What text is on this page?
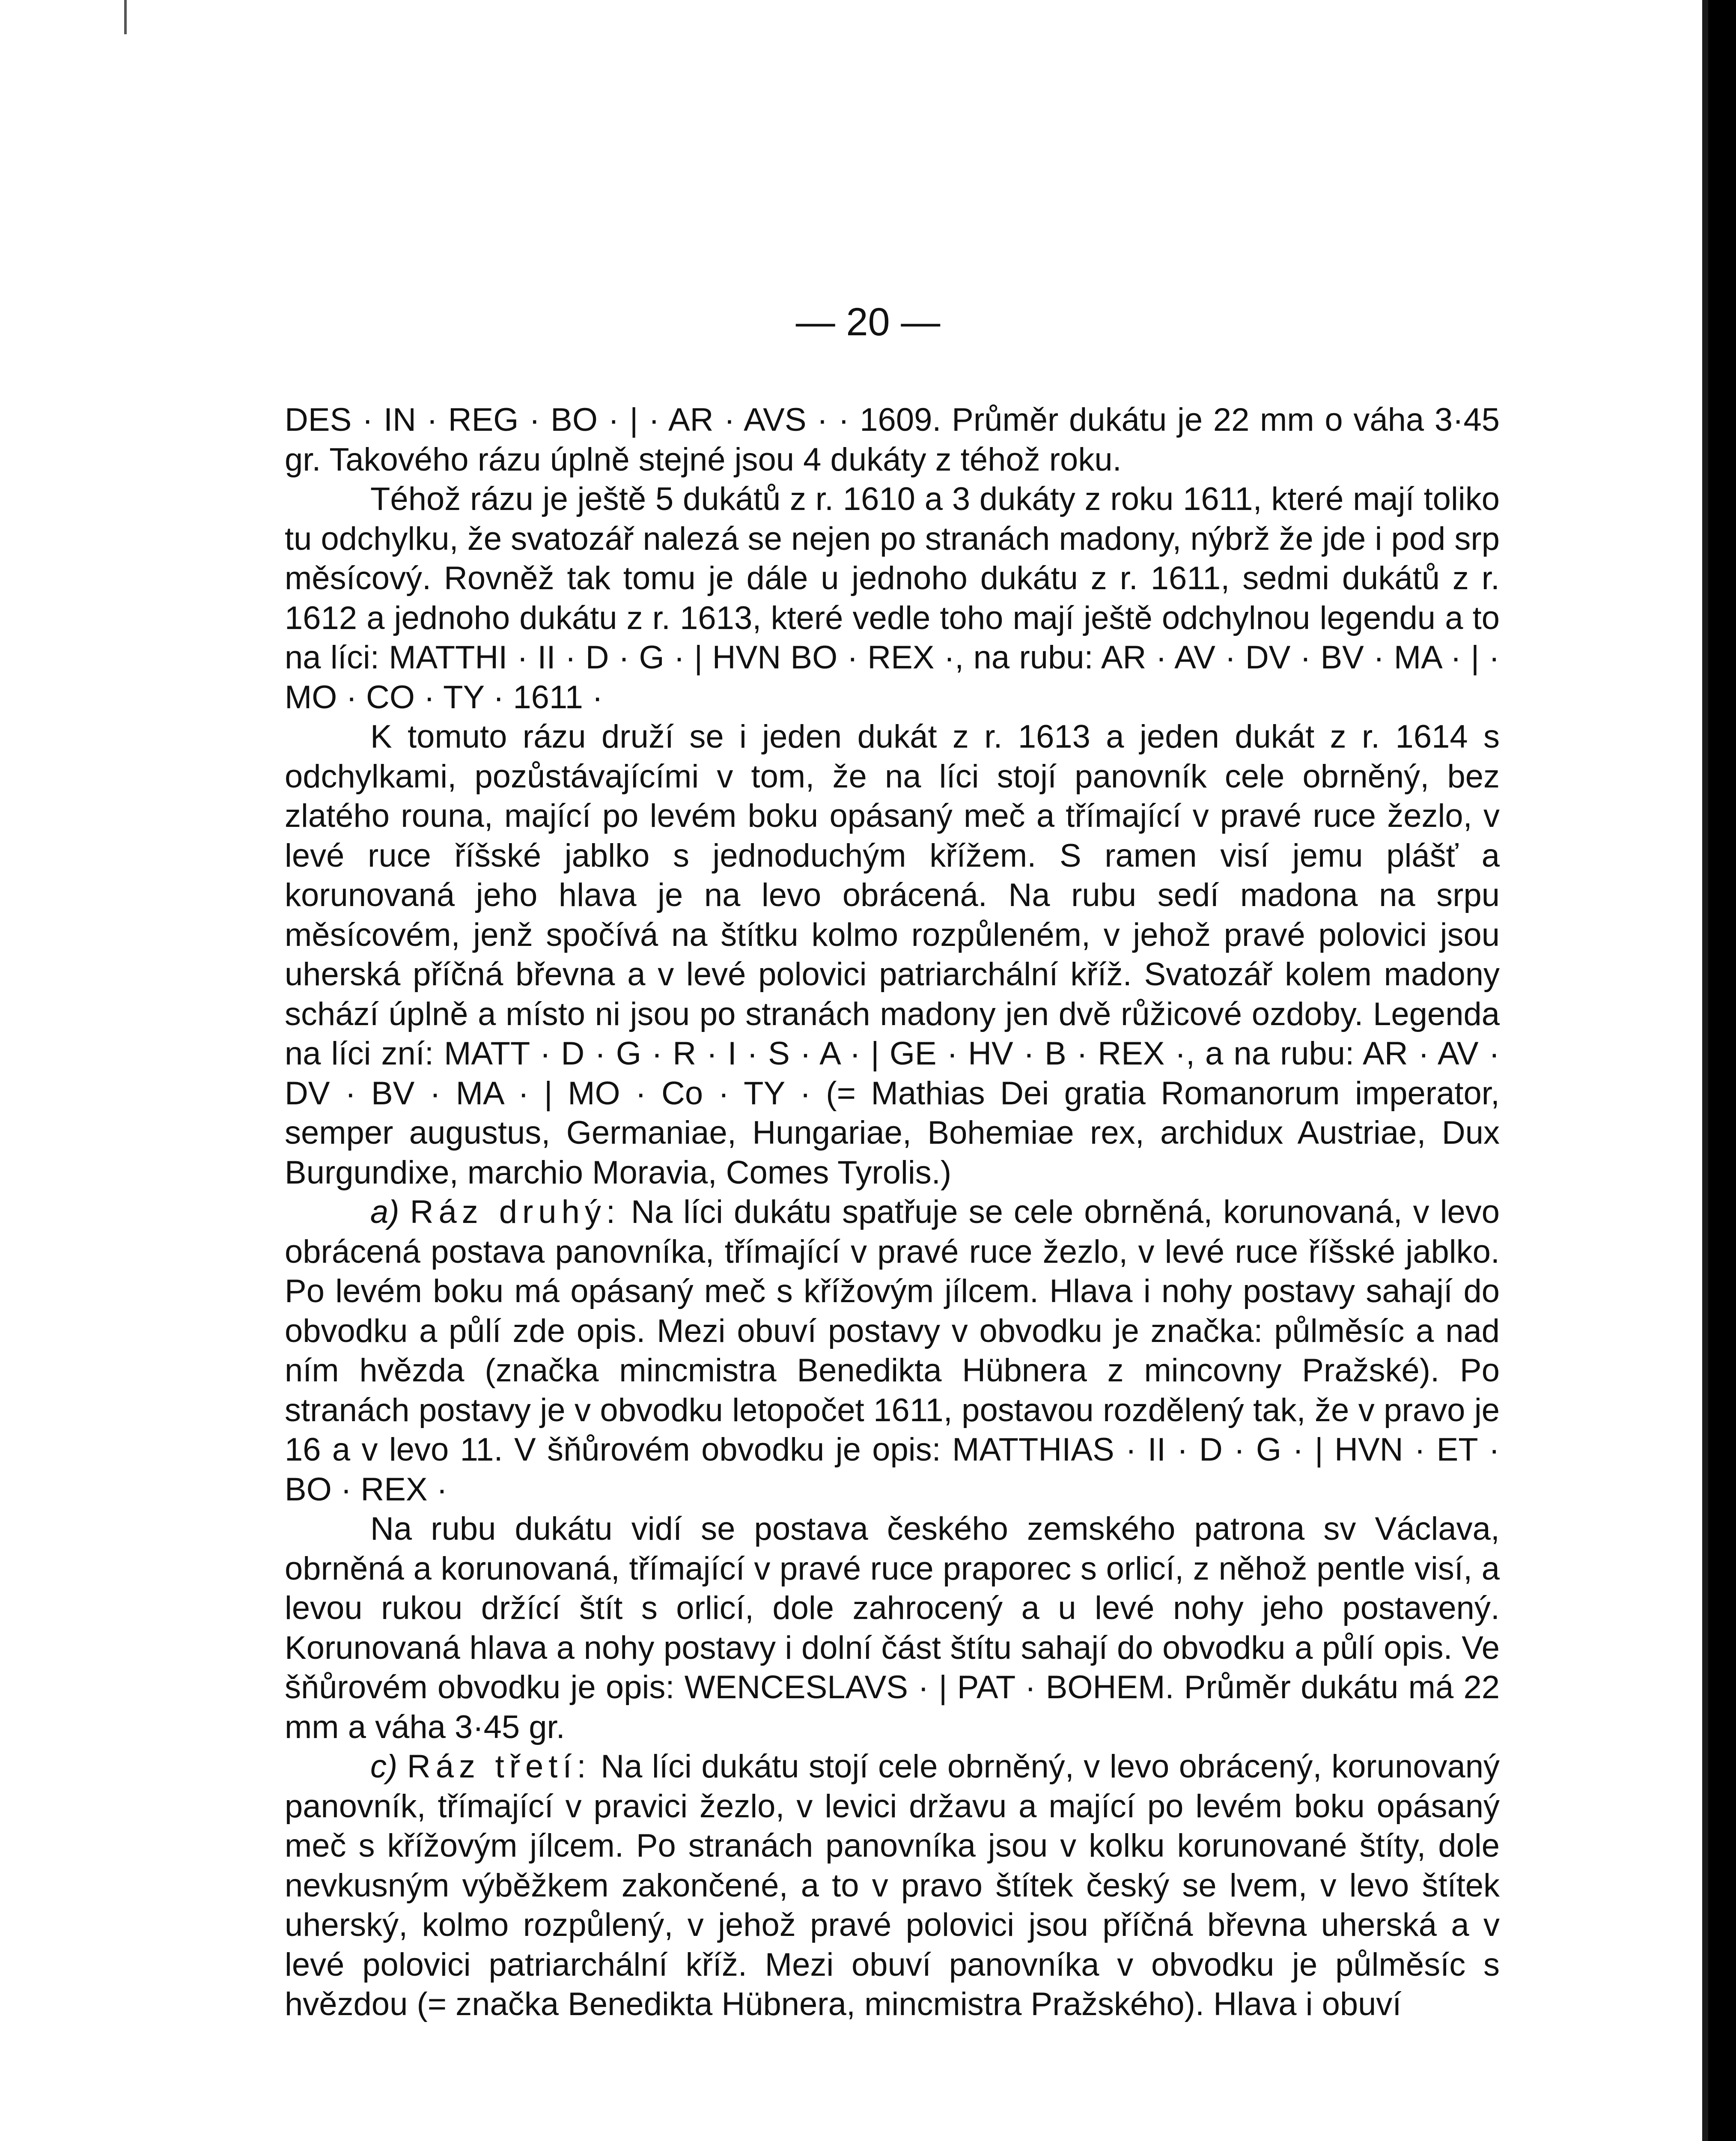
— 20 —

DES · IN · REG · BO · | · AR · AVS · · 1609. Průměr dukátu je 22 mm o váha 3·45 gr. Takového rázu úplně stejné jsou 4 dukáty z téhož roku.

Téhož rázu je ještě 5 dukátů z r. 1610 a 3 dukáty z roku 1611, které mají toliko tu odchylku, že svatozář nalezá se nejen po stranách madony, nýbrž že jde i pod srp měsícový. Rovněž tak tomu je dále u jednoho dukátu z r. 1611, sedmi dukátů z r. 1612 a jednoho dukátu z r. 1613, které vedle toho mají ještě odchylnou legendu a to na líci: MATTHI · II · D · G · | HVN BO · REX ·, na rubu: AR · AV · DV · BV · MA · | · MO · CO · TY · 1611 ·

K tomuto rázu druží se i jeden dukát z r. 1613 a jeden dukát z r. 1614 s odchylkami, pozůstávajícími v tom, že na líci stojí panovník cele obrněný, bez zlatého rouna, mající po levém boku opásaný meč a třímající v pravé ruce žezlo, v levé ruce říšské jablko s jednoduchým křížem. S ramen visí jemu plášť a korunovaná jeho hlava je na levo obrácená. Na rubu sedí madona na srpu měsícovém, jenž spočívá na štítku kolmo rozpůleném, v jehož pravé polovici jsou uherská příčná břevna a v levé polovici patriarchální kříž. Svatozář kolem madony schází úplně a místo ni jsou po stranách madony jen dvě růžicové ozdoby. Legenda na líci zní: MATT · D · G · R · I · S · A · | GE · HV · B · REX ·, a na rubu: AR · AV · DV · BV · MA · | MO · Co · TY · (= Mathias Dei gratia Romanorum imperator, semper augustus, Germaniae, Hungariae, Bohemiae rex, archidux Austriae, Dux Burgundixe, marchio Moravia, Comes Tyrolis.)

a) Ráz druhý: Na líci dukátu spatřuje se cele obrněná, korunovaná, v levo obrácená postava panovníka, třímající v pravé ruce žezlo, v levé ruce říšské jablko. Po levém boku má opásaný meč s křížovým jílcem. Hlava i nohy postavy sahají do obvodku a půlí zde opis. Mezi obuví postavy v obvodku je značka: půlměsíc a nad ním hvězda (značka mincmistra Benedikta Hübnera z mincovny Pražské). Po stranách postavy je v obvodku letopočet 1611, postavou rozdělený tak, že v pravo je 16 a v levo 11. V šňůrovém obvodku je opis: MATTHIAS · II · D · G · | HVN · ET · BO · REX ·

Na rubu dukátu vidí se postava českého zemského patrona sv Václava, obrněná a korunovaná, třímající v pravé ruce praporec s orlicí, z něhož pentle visí, a levou rukou držící štít s orlicí, dole zahrocený a u levé nohy jeho postavený. Korunovaná hlava a nohy postavy i dolní část štítu sahají do obvodku a půlí opis. Ve šňůrovém obvodku je opis: WENCESLAVS · | PAT · BOHEM. Průměr dukátu má 22 mm a váha 3·45 gr.

c) Ráz třetí: Na líci dukátu stojí cele obrněný, v levo obrácený, korunovaný panovník, třímající v pravici žezlo, v levici državu a mající po levém boku opásaný meč s křížovým jílcem. Po stranách panovníka jsou v kolku korunované štíty, dole nevkusným výběžkem zakončené, a to v pravo štítek český se lvem, v levo štítek uherský, kolmo rozpůlený, v jehož pravé polovici jsou příčná břevna uherská a v levé polovici patriarchální kříž. Mezi obuví panovníka v obvodku je půlměsíc s hvězdou (= značka Benedikta Hübnera, mincmistra Pražského). Hlava i obuví
